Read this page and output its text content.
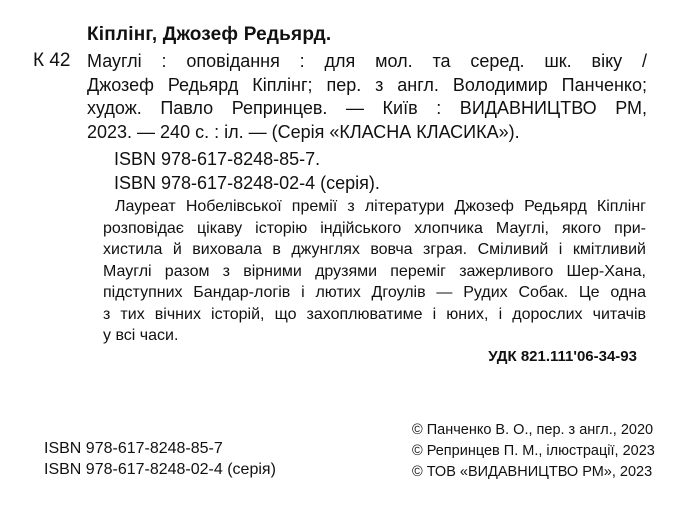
Кіплінг, Джозеф Редьярд.
К 42 Мауглі : оповідання : для мол. та серед. шк. віку /
Джозеф Редьярд Кіплінг; пер. з англ. Володимир Панченко;
худож. Павло Репринцев. — Київ : ВИДАВНИЦТВО РМ,
2023. — 240 с. : іл. — (Серія «КЛАСНА КЛАСИКА»).
ISBN 978-617-8248-85-7.
ISBN 978-617-8248-02-4 (серія).
Лауреат Нобелівської премії з літератури Джозеф Редьярд Кіплінг
розповідає цікаву історію індійського хлопчика Мауглі, якого при-
хистила й виховала в джунглях вовча зграя. Сміливий і кмітливий
Мауглі разом з вірними друзями переміг зажерливого Шер-Хана,
підступних Бандар-логів і лютих Дгоулів — Рудих Собак. Це одна
з тих вічних історій, що захоплюватиме і юних, і дорослих читачів
у всі часи.
УДК 821.111'06-34-93
ISBN 978-617-8248-85-7
ISBN 978-617-8248-02-4 (серія)
© Панченко В. О., пер. з англ., 2020
© Репринцев П. М., ілюстрації, 2023
© ТОВ «ВИДАВНИЦТВО РМ», 2023
